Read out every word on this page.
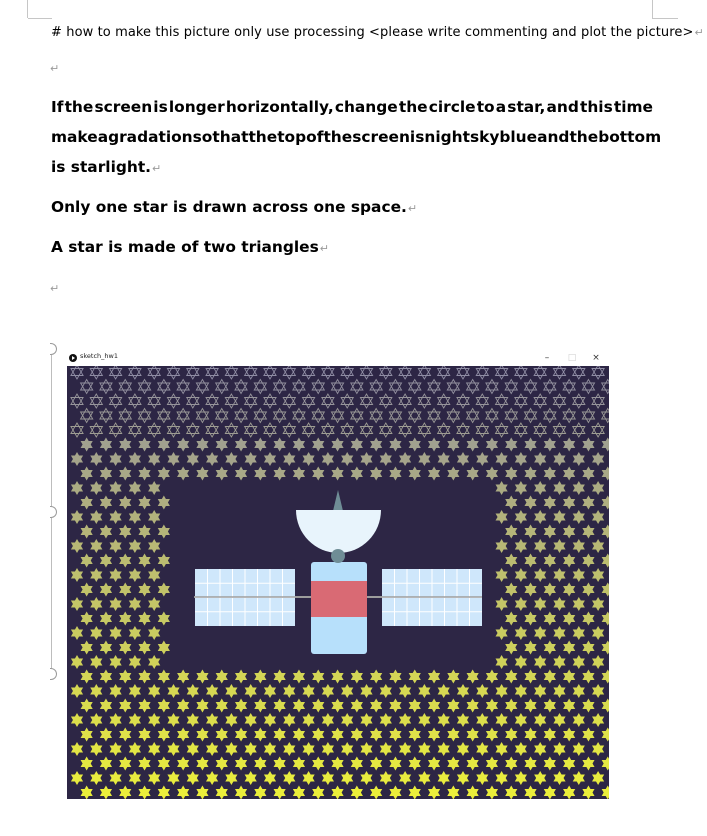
# how to make this picture only use processing <please write commenting and plot the picture>↵

↵
If the screen is longer horizontally, change the circle to a star, and this time
make a gradation so that the top of the screen is night sky blue and the bottom
is starlight.↵
Only one star is drawn across one space.↵
A star is made of two triangles↵
↵
sketch_hw1	–	□	×
